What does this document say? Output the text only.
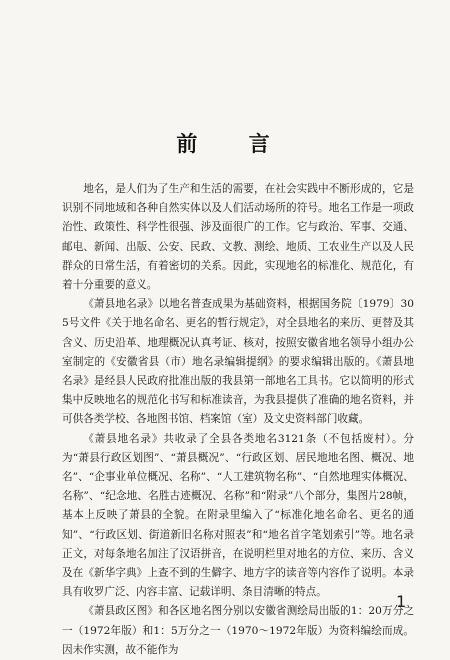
前 言

地名，是人们为了生产和生活的需要，在社会实践中不断形成的，它是识别不同地域和各种自然实体以及人们活动场所的符号。地名工作是一项政治性、政策性、科学性很强、涉及面很广的工作。它与政治、军事、交通、邮电、新闻、出版、公安、民政、文教、测绘、地质、工农业生产以及人民群众的日常生活，有着密切的关系。因此，实现地名的标准化、规范化，有着十分重要的意义。

《萧县地名录》以地名普查成果为基础资料，根据国务院〔1979〕305号文件《关于地名命名、更名的暂行规定》，对全县地名的来历、更替及其含义、历史沿革、地理概况认真考证、核对，按照安徽省地名领导小组办公室制定的《安徽省县（市）地名录编辑提纲》的要求编辑出版的。《萧县地名录》是经县人民政府批准出版的我县第一部地名工具书。它以简明的形式集中反映地名的规范化书写和标准读音，为我县提供了准确的地名资料，并可供各类学校、各地图书馆、档案馆（室）及文史资料部门收藏。

《萧县地名录》共收录了全县各类地名3121条（不包括废村）。分为“萧县行政区划图”、“萧县概况”、“行政区划、居民地地名图、概况、地名”、“企事业单位概况、名称”、“人工建筑物名称”、“自然地理实体概况、名称”、“纪念地、名胜古迹概况、名称”和“附录”八个部分，集图片28帧，基本上反映了萧县的全貌。在附录里编入了“标准化地名命名、更名的通知”、“行政区划、街道新旧名称对照表”和“地名首字笔划索引”等。地名录正文，对每条地名加注了汉语拼音，在说明栏里对地名的方位、来历、含义及在《新华字典》上查不到的生僻字、地方字的读音等内容作了说明。本录具有收罗广泛、内容丰富、记载详明、条目清晰的特点。

《萧县政区图》和各区地名图分别以安徽省测绘局出版的1：20万分之一（1972年版）和1：5万分之一（1970～1972年版）为资料编绘而成。因未作实测，故不能作为

1
